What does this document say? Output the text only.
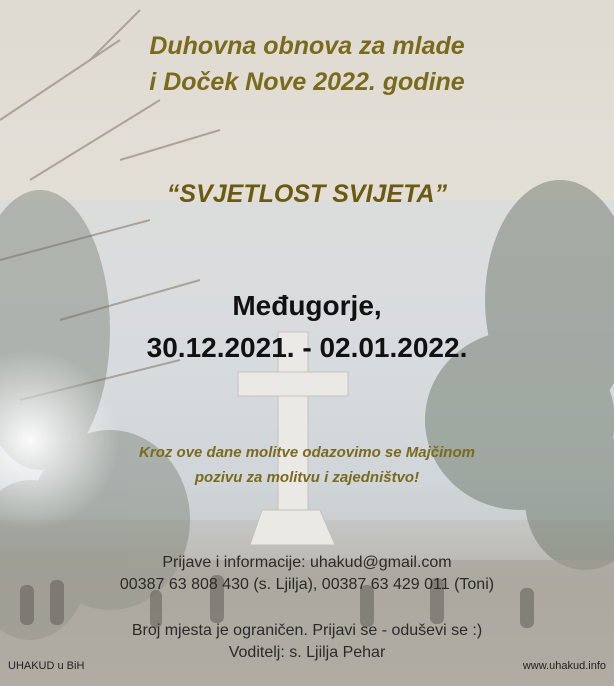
Duhovna obnova za mlade
i Doček Nove 2022. godine
“SVJETLOST SVIJETA”
Međugorje,
30.12.2021. - 02.01.2022.
Kroz ove dane molitve odazovimo se Majčinom
pozivu za molitvu i zajedništvo!
Prijave i informacije: uhakud@gmail.com
00387 63 808 430 (s. Ljilja), 00387 63 429 011 (Toni)
Broj mjesta je ograničen. Prijavi se - oduševi se :)
Voditelj: s. Ljilja Pehar
UHAKUD u BiH	www.uhakud.info
